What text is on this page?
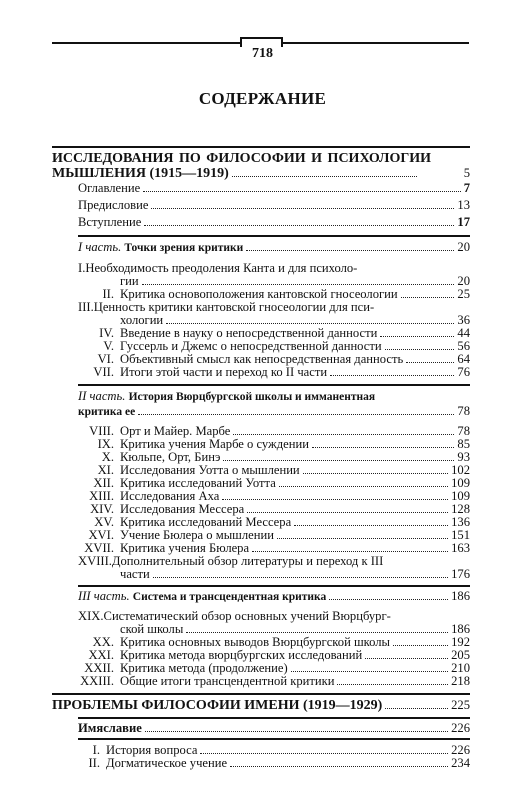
718
СОДЕРЖАНИЕ
ИССЛЕДОВАНИЯ ПО ФИЛОСОФИИ И ПСИХОЛОГИИ
МЫШЛЕНИЯ (1915—1919)	5
Оглавление	7
Предисловие	13
Вступление	17
I часть. Точки зрения критики	20
I.Необходимость преодоления Канта и для психоло-
гии	20
II. Критика основоположения кантовской гносеологии	25
III.Ценность критики кантовской гносеологии для пси-
хологии	36
IV. Введение в науку о непосредственной данности	44
V. Гуссерль и Джемс о непосредственной данности	56
VI. Объективный смысл как непосредственная данность	64
VII. Итоги этой части и переход ко II части	76
II часть. История Вюрцбургской школы и имманентная
критика ее	78
VIII. Орт и Майер. Марбе	78
IX. Критика учения Марбе о суждении	85
X. Кюльпе, Орт, Бинэ	93
XI. Исследования Уотта о мышлении	102
XII. Критика исследований Уотта	109
XIII. Исследования Аха	109
XIV. Исследования Мессера	128
XV. Критика исследований Мессера	136
XVI. Учение Бюлера о мышлении	151
XVII. Критика учения Бюлера	163
XVIII.Дополнительный обзор литературы и переход к III
части	176
III часть. Система и трансцендентная критика	186
XIX.Систематический обзор основных учений Вюрцбург-
ской школы	186
XX. Критика основных выводов Вюрцбургской школы	192
XXI. Критика метода вюрцбургских исследований	205
XXII. Критика метода (продолжение)	210
XXIII. Общие итоги трансцендентной критики	218
ПРОБЛЕМЫ ФИЛОСОФИИ ИМЕНИ (1919—1929)	225
Имяславие	226
I. История вопроса	226
II. Догматическое учение	234
